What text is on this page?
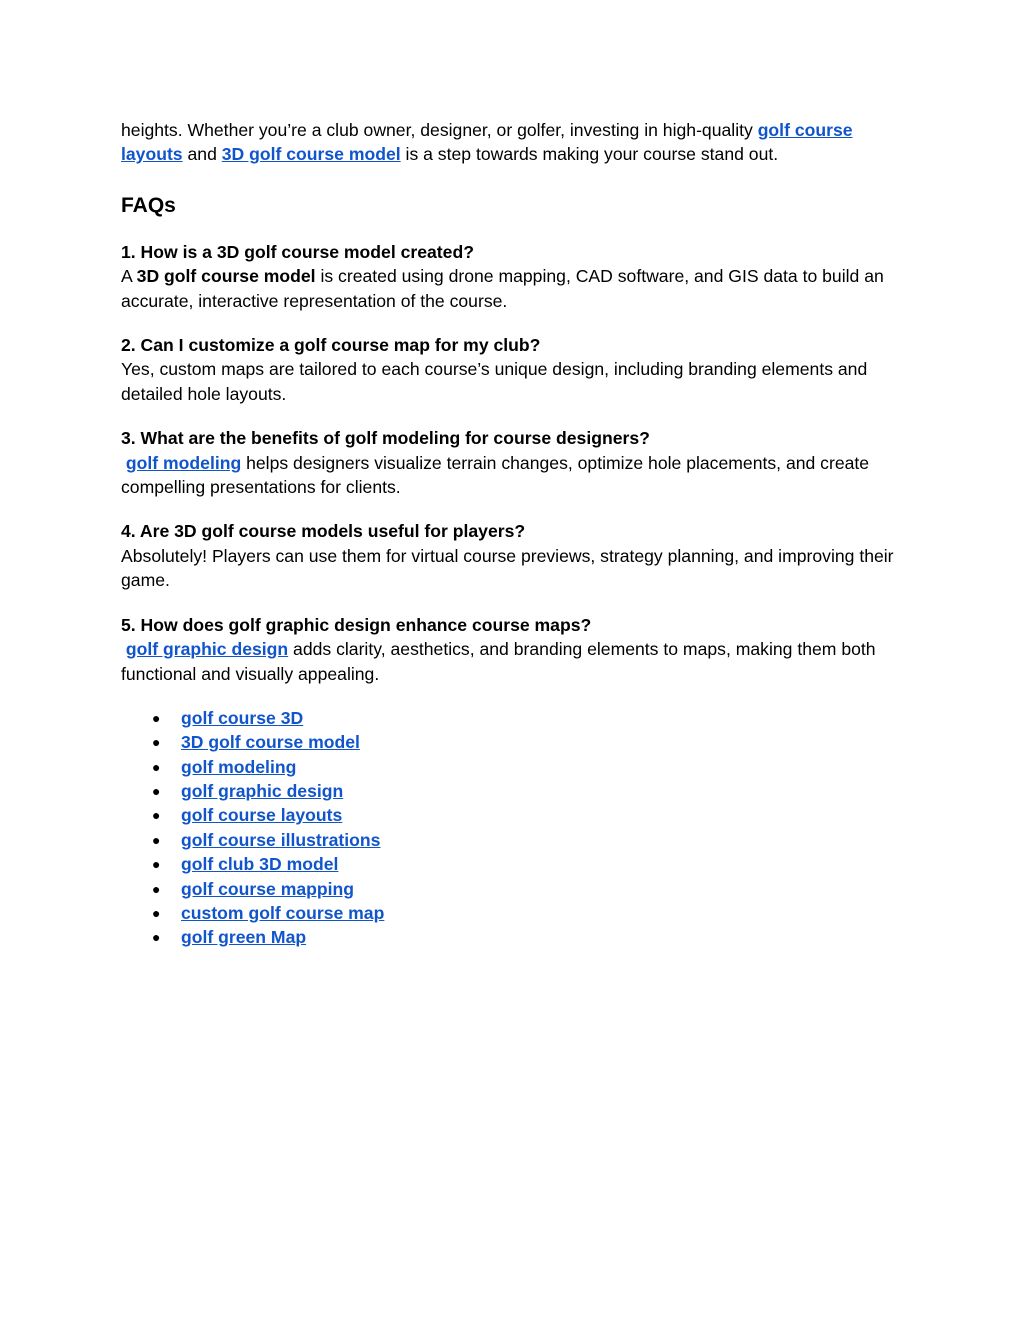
heights. Whether you’re a club owner, designer, or golfer, investing in high-quality golf course layouts and 3D golf course model is a step towards making your course stand out.

FAQs

1. How is a 3D golf course model created?

A 3D golf course model is created using drone mapping, CAD software, and GIS data to build an accurate, interactive representation of the course.

2. Can I customize a golf course map for my club?

Yes, custom maps are tailored to each course’s unique design, including branding elements and detailed hole layouts.

3. What are the benefits of golf modeling for course designers?

golf modeling helps designers visualize terrain changes, optimize hole placements, and create compelling presentations for clients.

4. Are 3D golf course models useful for players?

Absolutely! Players can use them for virtual course previews, strategy planning, and improving their game.

5. How does golf graphic design enhance course maps?

golf graphic design adds clarity, aesthetics, and branding elements to maps, making them both functional and visually appealing.

● golf course 3D
● 3D golf course model
● golf modeling
● golf graphic design
● golf course layouts
● golf course illustrations
● golf club 3D model
● golf course mapping
● custom golf course map
● golf green Map
